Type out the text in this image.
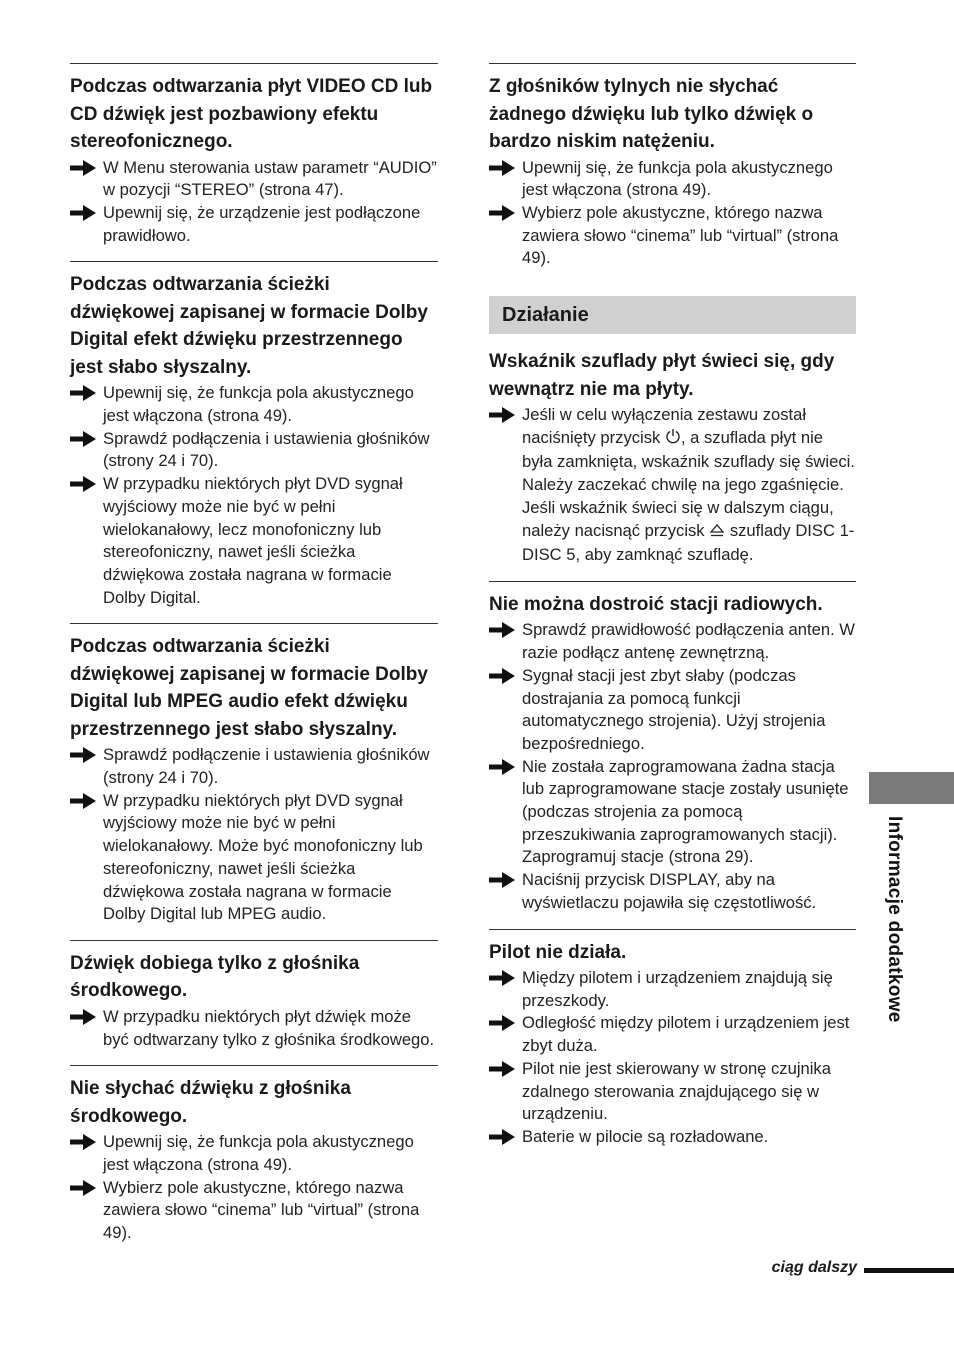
Podczas odtwarzania płyt VIDEO CD lub CD dźwięk jest pozbawiony efektu stereofonicznego.
W Menu sterowania ustaw parametr “AUDIO” w pozycji “STEREO” (strona 47).
Upewnij się, że urządzenie jest podłączone prawidłowo.
Podczas odtwarzania ścieżki dźwiękowej zapisanej w formacie Dolby Digital efekt dźwięku przestrzennego jest słabo słyszalny.
Upewnij się, że funkcja pola akustycznego jest włączona (strona 49).
Sprawdź podłączenia i ustawienia głośników (strony 24 i 70).
W przypadku niektórych płyt DVD sygnał wyjściowy może nie być w pełni wielokanałowy, lecz monofoniczny lub stereofoniczny, nawet jeśli ścieżka dźwiękowa została nagrana w formacie Dolby Digital.
Podczas odtwarzania ścieżki dźwiękowej zapisanej w formacie Dolby Digital lub MPEG audio efekt dźwięku przestrzennego jest słabo słyszalny.
Sprawdź podłączenie i ustawienia głośników (strony 24 i 70).
W przypadku niektórych płyt DVD sygnał wyjściowy może nie być w pełni wielokanałowy. Może być monofoniczny lub stereofoniczny, nawet jeśli ścieżka dźwiękowa została nagrana w formacie Dolby Digital lub MPEG audio.
Dźwięk dobiega tylko z głośnika środkowego.
W przypadku niektórych płyt dźwięk może być odtwarzany tylko z głośnika środkowego.
Nie słychać dźwięku z głośnika środkowego.
Upewnij się, że funkcja pola akustycznego jest włączona (strona 49).
Wybierz pole akustyczne, którego nazwa zawiera słowo “cinema” lub “virtual” (strona 49).
Z głośników tylnych nie słychać żadnego dźwięku lub tylko dźwięk o bardzo niskim natężeniu.
Upewnij się, że funkcja pola akustycznego jest włączona (strona 49).
Wybierz pole akustyczne, którego nazwa zawiera słowo “cinema” lub “virtual” (strona 49).
Działanie
Wskaźnik szuflady płyt świeci się, gdy wewnątrz nie ma płyty.
Jeśli w celu wyłączenia zestawu został naciśnięty przycisk , a szuflada płyt nie była zamknięta, wskaźnik szuflady się świeci. Należy zaczekać chwilę na jego zgaśnięcie. Jeśli wskaźnik świeci się w dalszym ciągu, należy nacisnąć przycisk  szuflady DISC 1-DISC 5, aby zamknąć szufladę.
Nie można dostroić stacji radiowych.
Sprawdź prawidłowość podłączenia anten. W razie podłącz antenę zewnętrzną.
Sygnał stacji jest zbyt słaby (podczas dostrajania za pomocą funkcji automatycznego strojenia). Użyj strojenia bezpośredniego.
Nie została zaprogramowana żadna stacja lub zaprogramowane stacje zostały usunięte (podczas strojenia za pomocą przeszukiwania zaprogramowanych stacji). Zaprogramuj stacje (strona 29).
Naciśnij przycisk DISPLAY, aby na wyświetlaczu pojawiła się częstotliwość.
Pilot nie działa.
Między pilotem i urządzeniem znajdują się przeszkody.
Odległość między pilotem i urządzeniem jest zbyt duża.
Pilot nie jest skierowany w stronę czujnika zdalnego sterowania znajdującego się w urządzeniu.
Baterie w pilocie są rozładowane.
Informacje dodatkowe
ciąg dalszy
